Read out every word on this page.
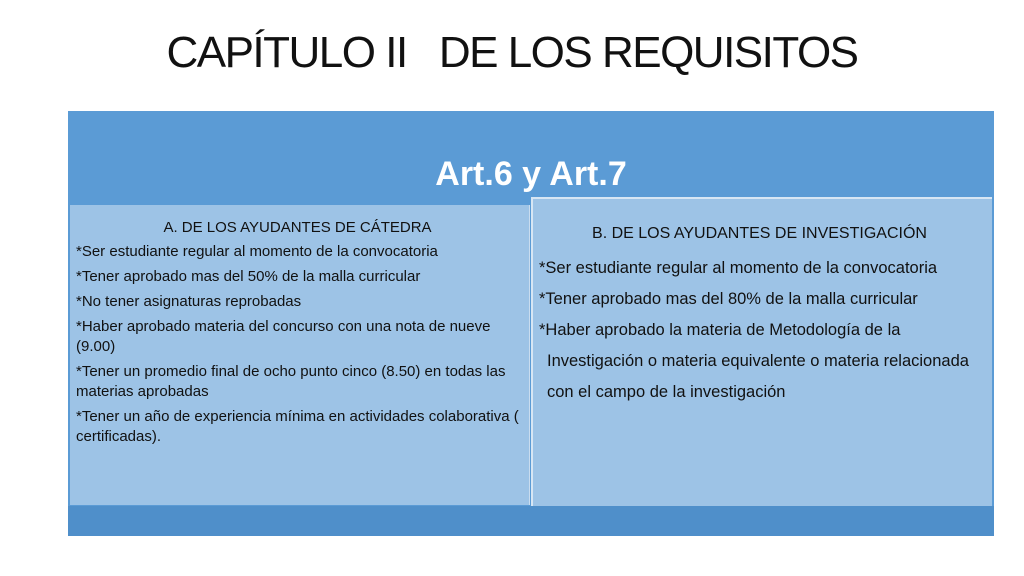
CAPÍTULO II   DE LOS REQUISITOS
Art.6 y Art.7
A. DE LOS AYUDANTES DE CÁTEDRA
*Ser estudiante regular al momento de la convocatoria
*Tener aprobado mas del 50% de la malla curricular
*No tener asignaturas reprobadas
*Haber aprobado materia del concurso con una nota de nueve (9.00)
*Tener un promedio final de ocho punto cinco (8.50) en todas las materias aprobadas
*Tener un año de experiencia mínima en actividades colaborativa ( certificadas).
B. DE LOS AYUDANTES DE INVESTIGACIÓN
*Ser estudiante regular al momento de la convocatoria
*Tener aprobado mas del 80% de la malla curricular
*Haber aprobado la materia de Metodología de la Investigación o materia equivalente o materia relacionada con el campo de la investigación
